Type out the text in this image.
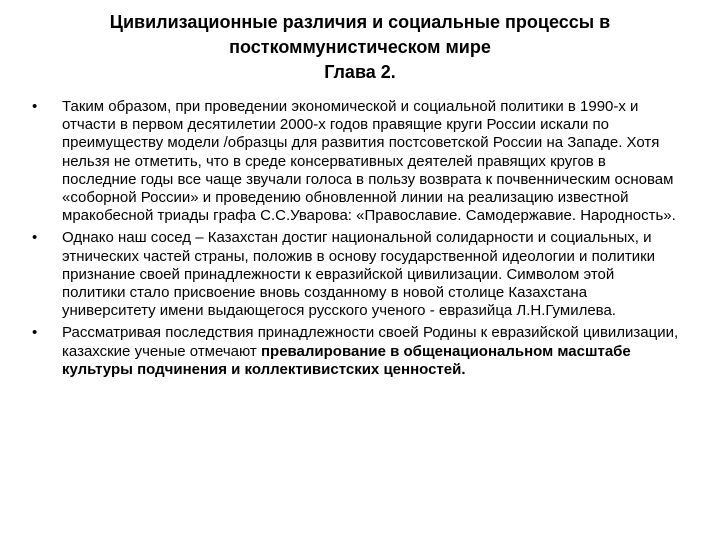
Цивилизационные различия и социальные процессы в
посткоммунистическом мире
Глава 2.
•	Таким образом, при проведении экономической и социальной политики в 1990-х и отчасти в первом десятилетии 2000-х годов правящие круги России искали по преимуществу модели /образцы для развития постсоветской России на Западе. Хотя нельзя не отметить, что в среде консервативных деятелей правящих кругов в последние годы все чаще звучали голоса в пользу возврата к почвенническим основам «соборной России» и проведению обновленной линии на реализацию известной мракобесной триады графа С.С.Уварова: «Православие. Самодержавие. Народность».
•	Однако наш сосед – Казахстан достиг национальной солидарности и социальных, и этнических частей страны, положив в основу государственной идеологии и политики признание своей принадлежности к евразийской цивилизации. Символом этой политики стало присвоение вновь созданному в новой столице Казахстана университету имени выдающегося русского ученого - евразийца Л.Н.Гумилева.
•	Рассматривая последствия принадлежности своей Родины к евразийской цивилизации, казахские ученые отмечают превалирование в общенациональном масштабе культуры подчинения и коллективистских ценностей.
